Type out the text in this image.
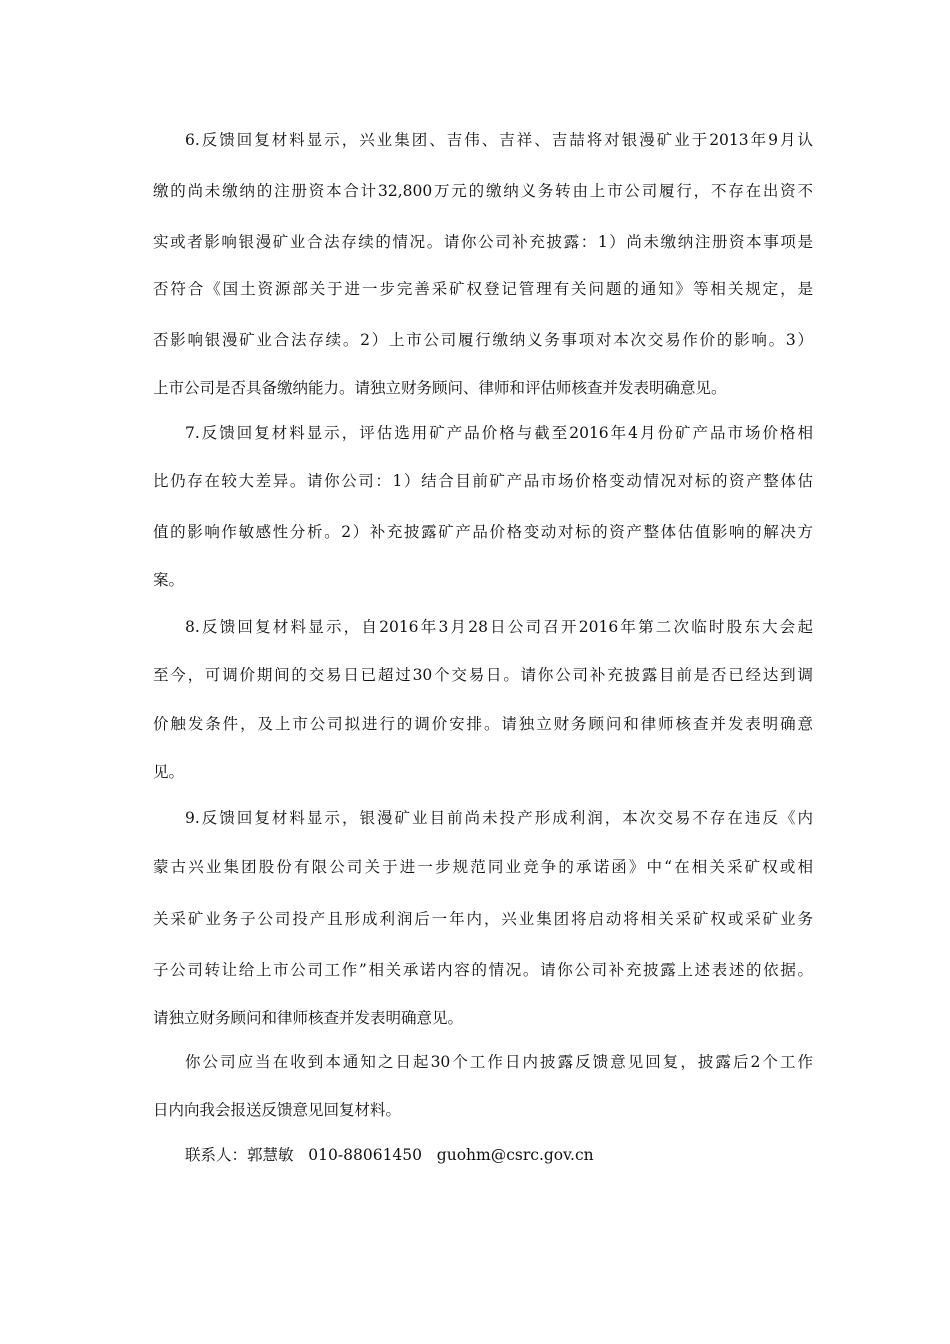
6.反馈回复材料显示，兴业集团、吉伟、吉祥、吉喆将对银漫矿业于2013年9月认
缴的尚未缴纳的注册资本合计32,800万元的缴纳义务转由上市公司履行，不存在出资不
实或者影响银漫矿业合法存续的情况。请你公司补充披露：1）尚未缴纳注册资本事项是
否符合《国土资源部关于进一步完善采矿权登记管理有关问题的通知》等相关规定，是
否影响银漫矿业合法存续。2）上市公司履行缴纳义务事项对本次交易作价的影响。3）
上市公司是否具备缴纳能力。请独立财务顾问、律师和评估师核查并发表明确意见。
7.反馈回复材料显示，评估选用矿产品价格与截至2016年4月份矿产品市场价格相
比仍存在较大差异。请你公司：1）结合目前矿产品市场价格变动情况对标的资产整体估
值的影响作敏感性分析。2）补充披露矿产品价格变动对标的资产整体估值影响的解决方
案。
8.反馈回复材料显示，自2016年3月28日公司召开2016年第二次临时股东大会起
至今，可调价期间的交易日已超过30个交易日。请你公司补充披露目前是否已经达到调
价触发条件，及上市公司拟进行的调价安排。请独立财务顾问和律师核查并发表明确意
见。
9.反馈回复材料显示，银漫矿业目前尚未投产形成利润，本次交易不存在违反《内
蒙古兴业集团股份有限公司关于进一步规范同业竞争的承诺函》中“在相关采矿权或相
关采矿业务子公司投产且形成利润后一年内，兴业集团将启动将相关采矿权或采矿业务
子公司转让给上市公司工作”相关承诺内容的情况。请你公司补充披露上述表述的依据。
请独立财务顾问和律师核查并发表明确意见。
你公司应当在收到本通知之日起30个工作日内披露反馈意见回复，披露后2个工作
日内向我会报送反馈意见回复材料。
联系人：郭慧敏 010-88061450 guohm@csrc.gov.cn
